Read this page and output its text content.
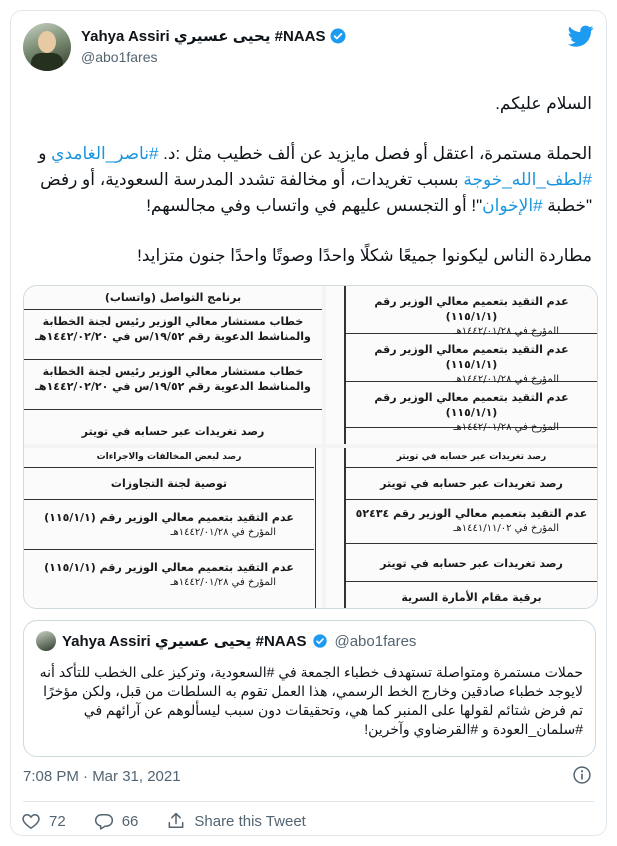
Yahya Assiri يحيى عسيري #NAAS
@abo1fares

السلام عليكم.

الحملة مستمرة، اعتقل أو فصل مايزيد عن ألف خطيب مثل :د. #ناصر_الغامدي و #لطف_الله_خوجة بسبب تغريدات، أو مخالفة تشدد المدرسة السعودية، أو رفض "خطبة #الإخوان"! أو التجسس عليهم في واتساب وفي مجالسهم!

مطاردة الناس ليكونوا جميعًا شكلًا واحدًا وصوتًا واحدًا جنون متزايد!

برنامج التواصل (واتساب)
خطاب مستشار معالي الوزير رئيس لجنة الخطابة والمناشط الدعوية رقم ١٩/٥٢/س في ١٤٤٢/٠٢/٢٠هـ
خطاب مستشار معالي الوزير رئيس لجنة الخطابة والمناشط الدعوية رقم ١٩/٥٢/س في ١٤٤٢/٠٢/٢٠هـ
رصد تغريدات عبر حسابه في تويتر
عدم التقيد بتعميم معالي الوزير رقم (١١٥/١/١)
المؤرخ في ١٤٤٢/٠١/٢٨هـ
عدم التقيد بتعميم معالي الوزير رقم (١١٥/١/١)
المؤرخ في ١٤٤٢/٠١/٢٨هـ
عدم التقيد بتعميم معالي الوزير رقم (١١٥/١/١)
المؤرخ في ١٤٤٢/٠١/٢٨هـ
رصد لبعض المخالفات والاجراءات
توصية لجنة التجاوزات
عدم التقيد بتعميم معالي الوزير رقم (١١٥/١/١)
المؤرخ في ١٤٤٢/٠١/٢٨هـ
عدم التقيد بتعميم معالي الوزير رقم (١١٥/١/١)
المؤرخ في ١٤٤٢/٠١/٢٨هـ
رصد تغريدات عبر حسابه في تويتر
رصد تغريدات عبر حسابه في تويتر
عدم التقيد بتعميم معالي الوزير رقم ٥٢٤٣٤
المؤرخ في ١٤٤١/١١/٠٢هـ
رصد تغريدات عبر حسابه في تويتر
برقية مقام الأمارة السرية
Yahya Assiri يحيى عسيري #NAAS @abo1fares
حملات مستمرة ومتواصلة تستهدف خطباء الجمعة في #السعودية، وتركيز على الخطب للتأكد أنه لايوجد خطباء صادقين وخارج الخط الرسمي، هذا العمل تقوم به السلطات من قبل، ولكن مؤخرًا تم فرض شتائم لقولها على المنبر كما هي، وتحقيقات دون سبب ليسألوهم عن آرائهم في #سلمان_العودة و #القرضاوي وآخرين!
7:08 PM · Mar 31, 2021
72	66	Share this Tweet
